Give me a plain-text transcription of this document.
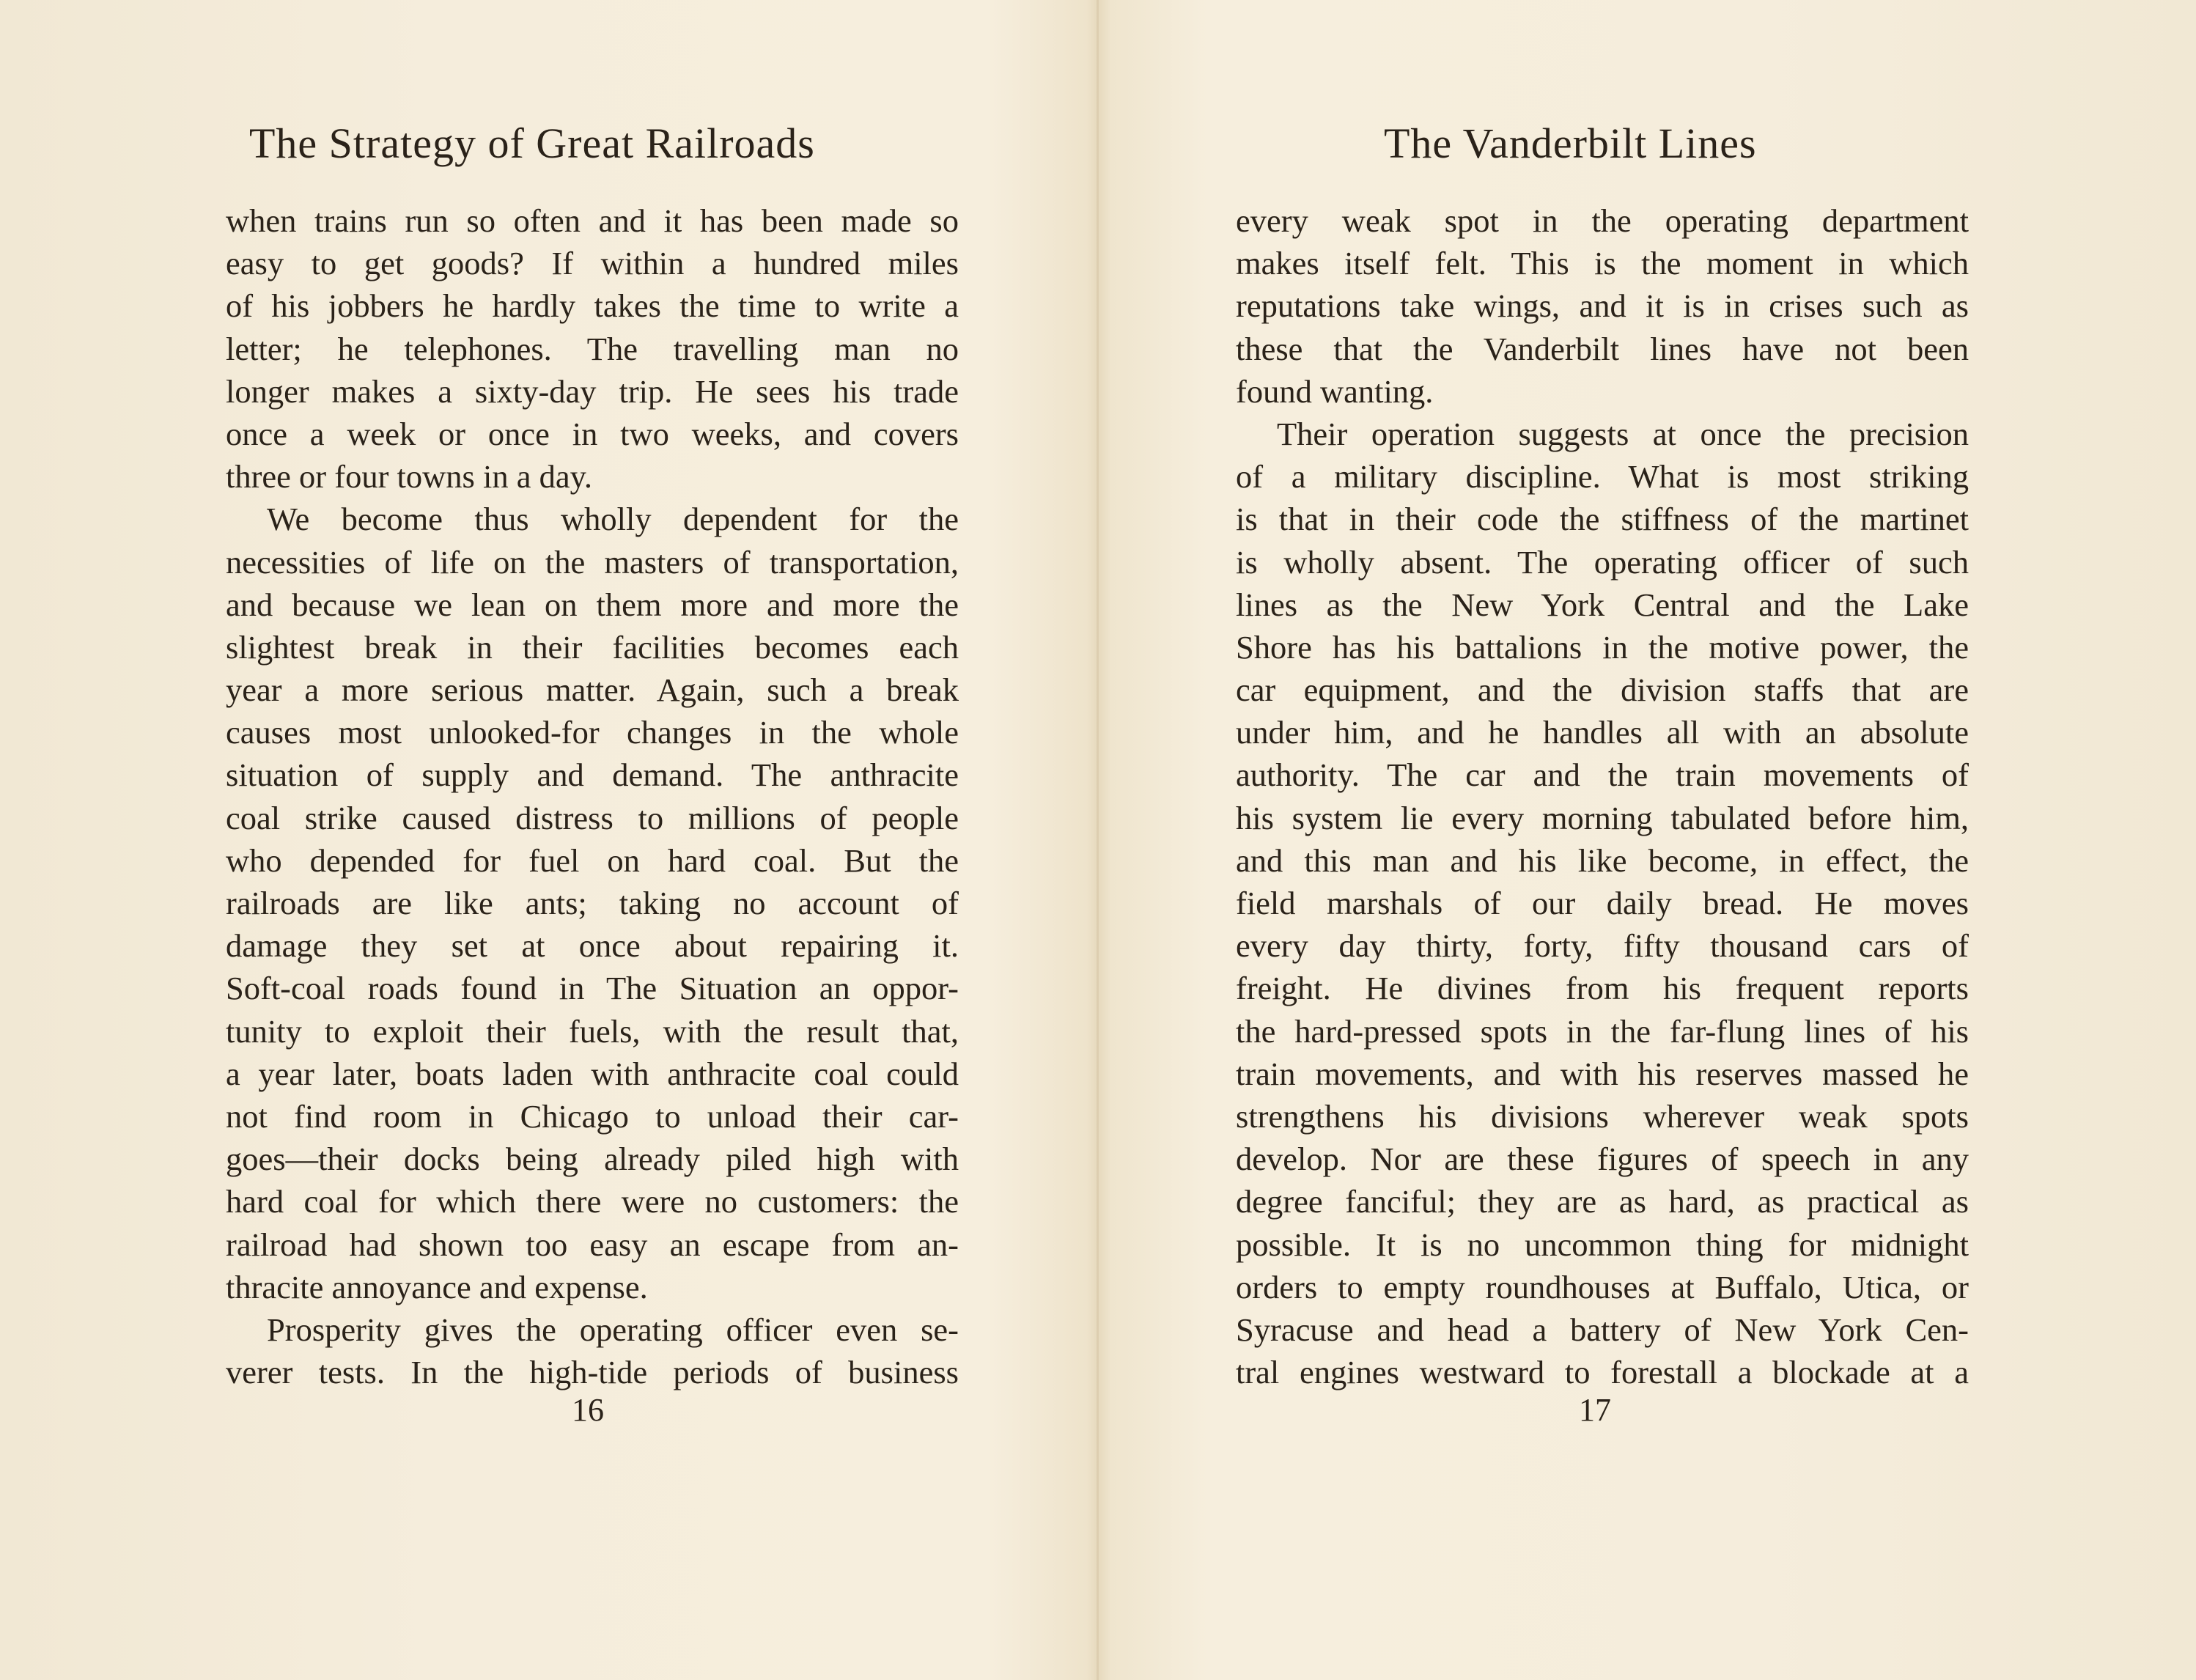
The Strategy of Great Railroads
when trains run so often and it has been made so
easy to get goods? If within a hundred miles
of his jobbers he hardly takes the time to write a
letter; he telephones. The travelling man no
longer makes a sixty-day trip. He sees his trade
once a week or once in two weeks, and covers
three or four towns in a day.
We become thus wholly dependent for the
necessities of life on the masters of transportation,
and because we lean on them more and more the
slightest break in their facilities becomes each
year a more serious matter. Again, such a break
causes most unlooked-for changes in the whole
situation of supply and demand. The anthracite
coal strike caused distress to millions of people
who depended for fuel on hard coal. But the
railroads are like ants; taking no account of
damage they set at once about repairing it.
Soft-coal roads found in The Situation an oppor-
tunity to exploit their fuels, with the result that,
a year later, boats laden with anthracite coal could
not find room in Chicago to unload their car-
goes—their docks being already piled high with
hard coal for which there were no customers: the
railroad had shown too easy an escape from an-
thracite annoyance and expense.
Prosperity gives the operating officer even se-
verer tests. In the high-tide periods of business
16
The Vanderbilt Lines
every weak spot in the operating department
makes itself felt. This is the moment in which
reputations take wings, and it is in crises such as
these that the Vanderbilt lines have not been
found wanting.
Their operation suggests at once the precision
of a military discipline. What is most striking
is that in their code the stiffness of the martinet
is wholly absent. The operating officer of such
lines as the New York Central and the Lake
Shore has his battalions in the motive power, the
car equipment, and the division staffs that are
under him, and he handles all with an absolute
authority. The car and the train movements of
his system lie every morning tabulated before him,
and this man and his like become, in effect, the
field marshals of our daily bread. He moves
every day thirty, forty, fifty thousand cars of
freight. He divines from his frequent reports
the hard-pressed spots in the far-flung lines of his
train movements, and with his reserves massed he
strengthens his divisions wherever weak spots
develop. Nor are these figures of speech in any
degree fanciful; they are as hard, as practical as
possible. It is no uncommon thing for midnight
orders to empty roundhouses at Buffalo, Utica, or
Syracuse and head a battery of New York Cen-
tral engines westward to forestall a blockade at a
17
